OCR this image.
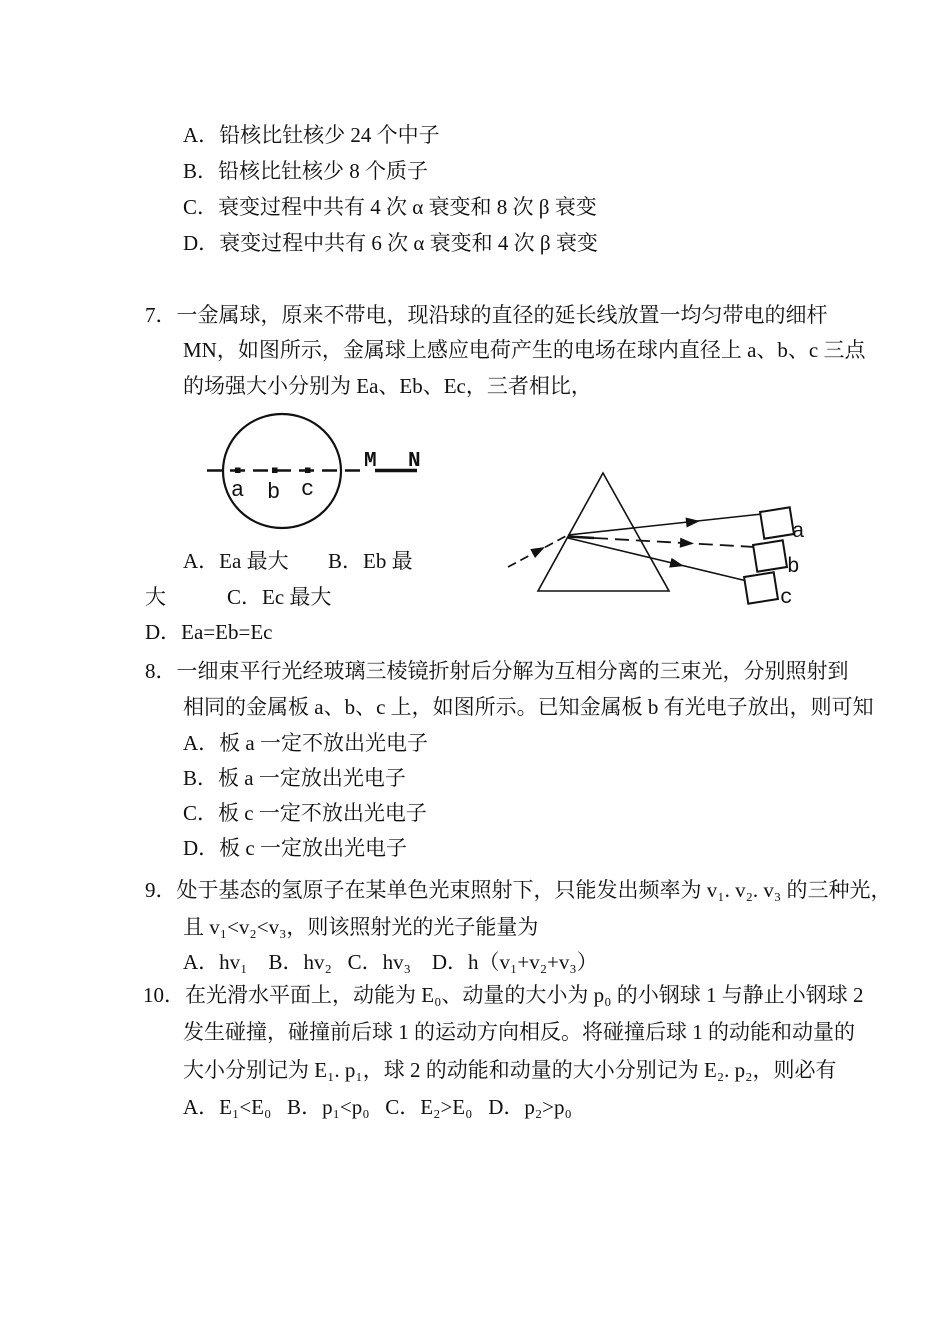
A．铅核比钍核少 24 个中子
B．铅核比钍核少 8 个质子
C．衰变过程中共有 4 次 α 衰变和 8 次 β 衰变
D．衰变过程中共有 6 次 α 衰变和 4 次 β 衰变
7．一金属球，原来不带电，现沿球的直径的延长线放置一均匀带电的细杆
MN，如图所示，金属球上感应电荷产生的电场在球内直径上 a、b、c 三点
的场强大小分别为 Ea、Eb、Ec，三者相比，
a b c
M N
a
b
c
A．Ea 最大 B．Eb 最
大	C．Ec 最大
D．Ea=Eb=Ec
8．一细束平行光经玻璃三棱镜折射后分解为互相分离的三束光，分别照射到
相同的金属板 a、b、c 上，如图所示。已知金属板 b 有光电子放出，则可知
A．板 a 一定不放出光电子
B．板 a 一定放出光电子
C．板 c 一定不放出光电子
D．板 c 一定放出光电子
9．处于基态的氢原子在某单色光束照射下，只能发出频率为 v₁. v₂. v₃ 的三种光，
且 v₁<v₂<v₃，则该照射光的光子能量为
A．hv₁    B．hv₂   C．hv₃    D．h（v₁+v₂+v₃）
10．在光滑水平面上，动能为 E₀、动量的大小为 p₀ 的小钢球 1 与静止小钢球 2
发生碰撞，碰撞前后球 1 的运动方向相反。将碰撞后球 1 的动能和动量的
大小分别记为 E₁. p₁，球 2 的动能和动量的大小分别记为 E₂. p₂，则必有
A．E₁<E₀   B．p₁<p₀   C．E₂>E₀   D．p₂>p₀
